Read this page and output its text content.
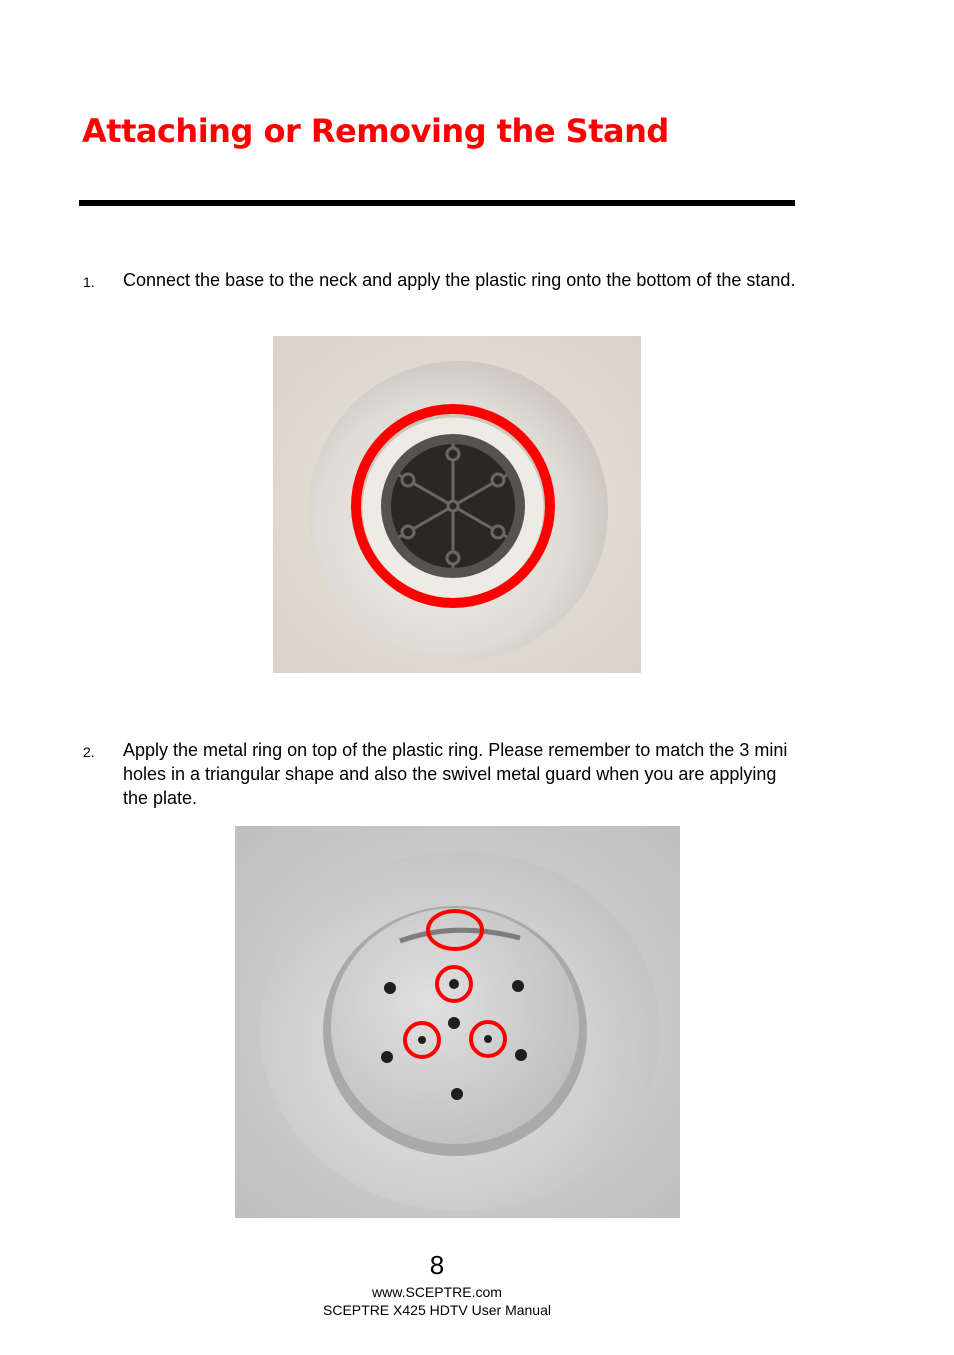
Attaching or Removing the Stand
1. Connect the base to the neck and apply the plastic ring onto the bottom of the stand.
2. Apply the metal ring on top of the plastic ring. Please remember to match the 3 mini holes in a triangular shape and also the swivel metal guard when you are applying the plate.
8
www.SCEPTRE.com
SCEPTRE X425 HDTV User Manual
